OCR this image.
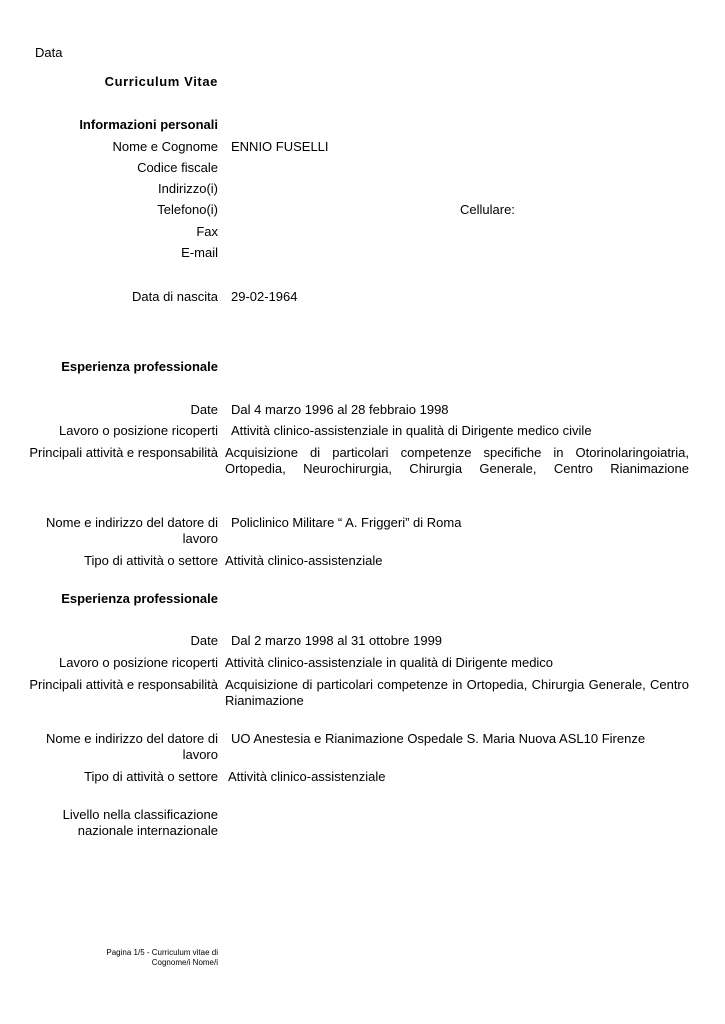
Data
Curriculum Vitae
Informazioni personali
Nome e Cognome ENNIO FUSELLI
Codice fiscale
Indirizzo(i)
Telefono(i)	Cellulare:
Fax
E-mail
Data di nascita 29-02-1964
Esperienza professionale
Date Dal 4 marzo 1996 al 28 febbraio 1998
Lavoro o posizione ricoperti Attività clinico-assistenziale in qualità di Dirigente medico civile
Principali attività e responsabilità Acquisizione di particolari competenze specifiche in Otorinolaringoiatria, Ortopedia, Neurochirurgia, Chirurgia Generale, Centro Rianimazione
Nome e indirizzo del datore di lavoro
Policlinico Militare “ A. Friggeri” di Roma
Tipo di attività o settore Attività clinico-assistenziale
Esperienza professionale
Date Dal 2 marzo 1998 al 31 ottobre 1999
Lavoro o posizione ricoperti Attività clinico-assistenziale in qualità di Dirigente medico
Principali attività e responsabilità Acquisizione di particolari competenze in Ortopedia, Chirurgia Generale, Centro Rianimazione
Nome e indirizzo del datore di lavoro
UO Anestesia e Rianimazione Ospedale S. Maria Nuova ASL10 Firenze
Tipo di attività o settore Attività clinico-assistenziale
Livello nella classificazione nazionale internazionale
Pagina 1/5 - Curriculum vitae di
Cognome/i Nome/i
